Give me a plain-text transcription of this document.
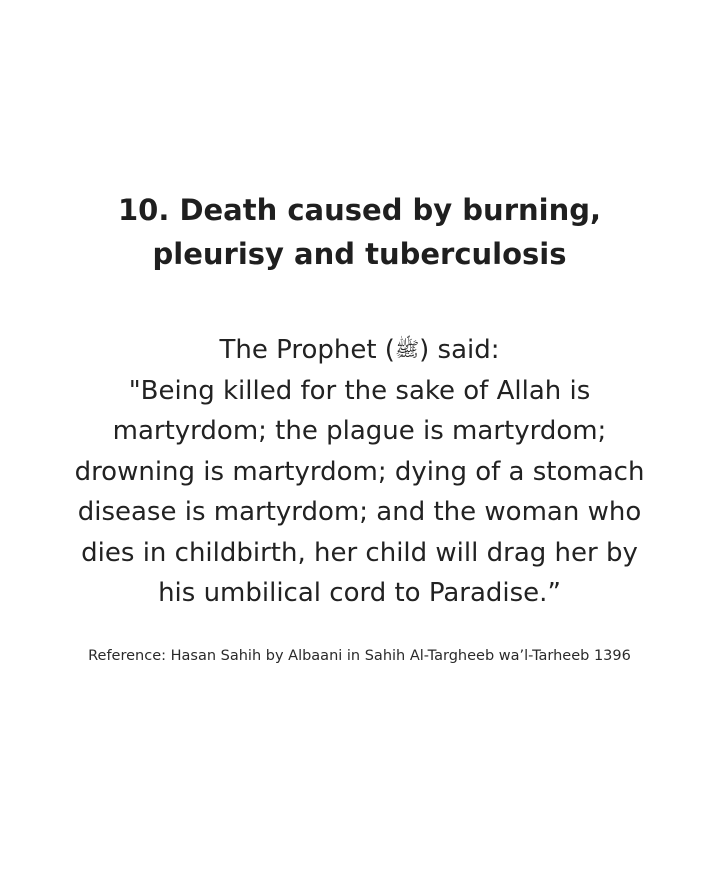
10. Death caused by burning,
pleurisy and tuberculosis
The Prophet (ﷺ) said:
"Being killed for the sake of Allah is
martyrdom; the plague is martyrdom;
drowning is martyrdom; dying of a stomach
disease is martyrdom; and the woman who
dies in childbirth, her child will drag her by
his umbilical cord to Paradise.”
Reference: Hasan Sahih by Albaani in Sahih Al-Targheeb wa’l-Tarheeb 1396
